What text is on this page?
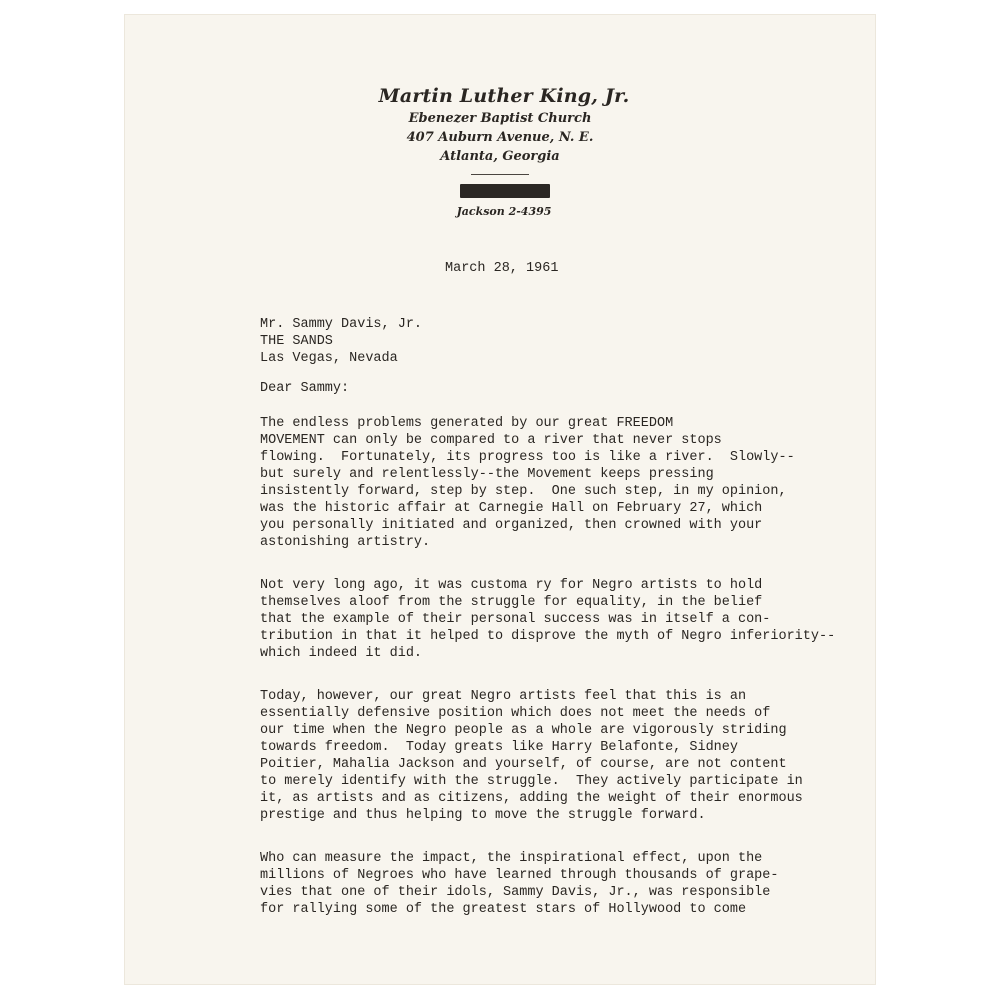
Martin Luther King, Jr.
Ebenezer Baptist Church
407 Auburn Avenue, N. E.
Atlanta, Georgia
Jackson 2-4395
March 28, 1961
Mr. Sammy Davis, Jr.
THE SANDS
Las Vegas, Nevada
Dear Sammy:
The endless problems generated by our great FREEDOM
MOVEMENT can only be compared to a river that never stops
flowing.  Fortunately, its progress too is like a river.  Slowly--
but surely and relentlessly--the Movement keeps pressing
insistently forward, step by step.  One such step, in my opinion,
was the historic affair at Carnegie Hall on February 27, which
you personally initiated and organized, then crowned with your
astonishing artistry.
Not very long ago, it was customa ry for Negro artists to hold
themselves aloof from the struggle for equality, in the belief
that the example of their personal success was in itself a con-
tribution in that it helped to disprove the myth of Negro inferiority--
which indeed it did.
Today, however, our great Negro artists feel that this is an
essentially defensive position which does not meet the needs of
our time when the Negro people as a whole are vigorously striding
towards freedom.  Today greats like Harry Belafonte, Sidney
Poitier, Mahalia Jackson and yourself, of course, are not content
to merely identify with the struggle.  They actively participate in
it, as artists and as citizens, adding the weight of their enormous
prestige and thus helping to move the struggle forward.
Who can measure the impact, the inspirational effect, upon the
millions of Negroes who have learned through thousands of grape-
vies that one of their idols, Sammy Davis, Jr., was responsible
for rallying some of the greatest stars of Hollywood to come
